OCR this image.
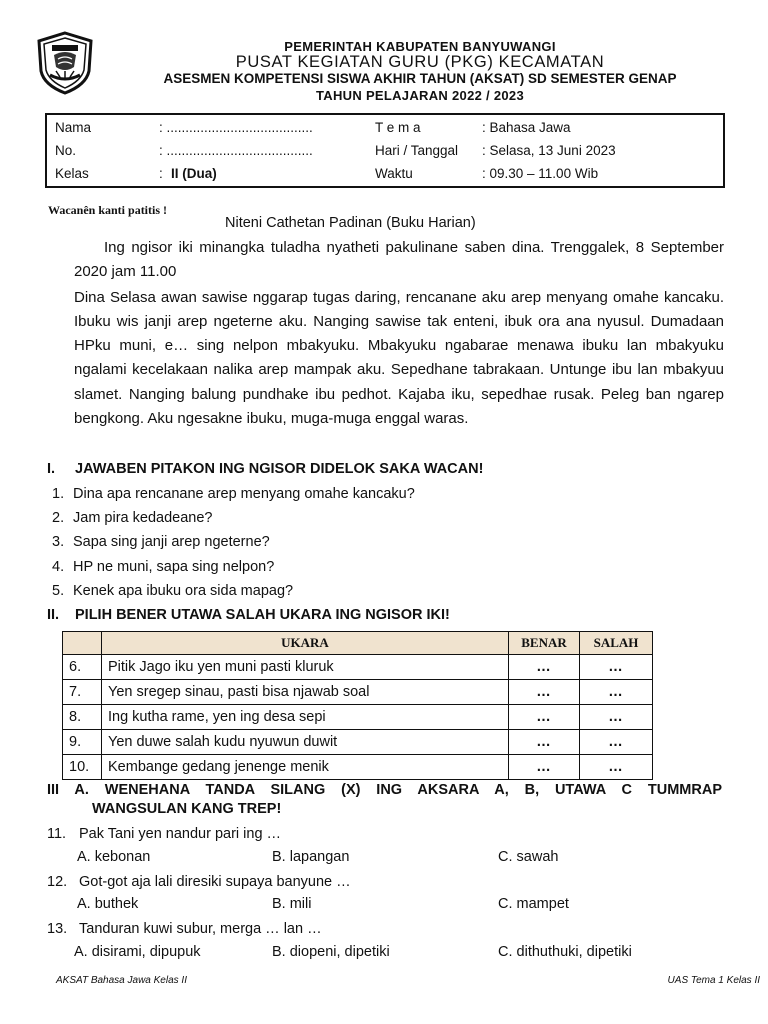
PEMERINTAH KABUPATEN BANYUWANGI
PUSAT KEGIATAN GURU (PKG) KECAMATAN
ASESMEN KOMPETENSI SISWA AKHIR TAHUN (AKSAT) SD SEMESTER GENAP
TAHUN PELAJARAN 2022 / 2023
Nama	: .......................................
No.	: .......................................
Kelas	: II (Dua)
T e m a	: Bahasa Jawa
Hari / Tanggal : Selasa, 13 Juni 2023
Waktu	: 09.30 – 11.00 Wib
Wacanên kanti patitis !
Niteni Cathetan Padinan (Buku Harian)

Ing ngisor iki minangka tuladha nyatheti pakulinane saben dina. Trenggalek, 8 September 2020 jam 11.00

Dina Selasa awan sawise nggarap tugas daring, rencanane aku arep menyang omahe kancaku. Ibuku wis janji arep ngeterne aku. Nanging sawise tak enteni, ibuk ora ana nyusul. Dumadaan HPku muni, e… sing nelpon mbakyuku. Mbakyuku ngabarae menawa ibuku lan mbakyuku ngalami kecelakaan nalika arep mampak aku. Sepedhane tabrakaan. Untunge ibu lan mbakyuu slamet. Nanging balung pundhake ibu pedhot. Kajaba iku, sepedhae rusak. Peleg ban ngarep bengkong. Aku ngesakne ibuku, muga-muga enggal waras.

I. JAWABEN PITAKON ING NGISOR DIDELOK SAKA WACAN!
1. Dina apa rencanane arep menyang omahe kancaku?
2. Jam pira kedadeane?
3. Sapa sing janji arep ngeterne?
4. HP ne muni, sapa sing nelpon?
5. Kenek apa ibuku ora sida mapag?
II. PILIH BENER UTAWA SALAH UKARA ING NGISOR IKI!
	UKARA	BENAR	SALAH
6.	Pitik Jago iku yen muni pasti kluruk	…	…
7.	Yen sregep sinau, pasti bisa njawab soal	…	…
8.	Ing kutha rame, yen ing desa sepi	…	…
9.	Yen duwe salah kudu nyuwun duwit	…	…
10.	Kembange gedang jenenge menik	…	…
III A. WENEHANA TANDA SILANG (X) ING AKSARA A, B, UTAWA C TUMMRAP
WANGSULAN KANG TREP!
11. Pak Tani yen nandur pari ing …
A. kebonan	B. lapangan	C. sawah
12. Got-got aja lali diresiki supaya banyune …
A. buthek	B. mili	C. mampet
13. Tanduran kuwi subur, merga … lan …
A. disirami, dipupuk	B. diopeni, dipetiki	C. dithuthuki, dipetiki
AKSAT Bahasa Jawa Kelas II	UAS Tema 1 Kelas II
